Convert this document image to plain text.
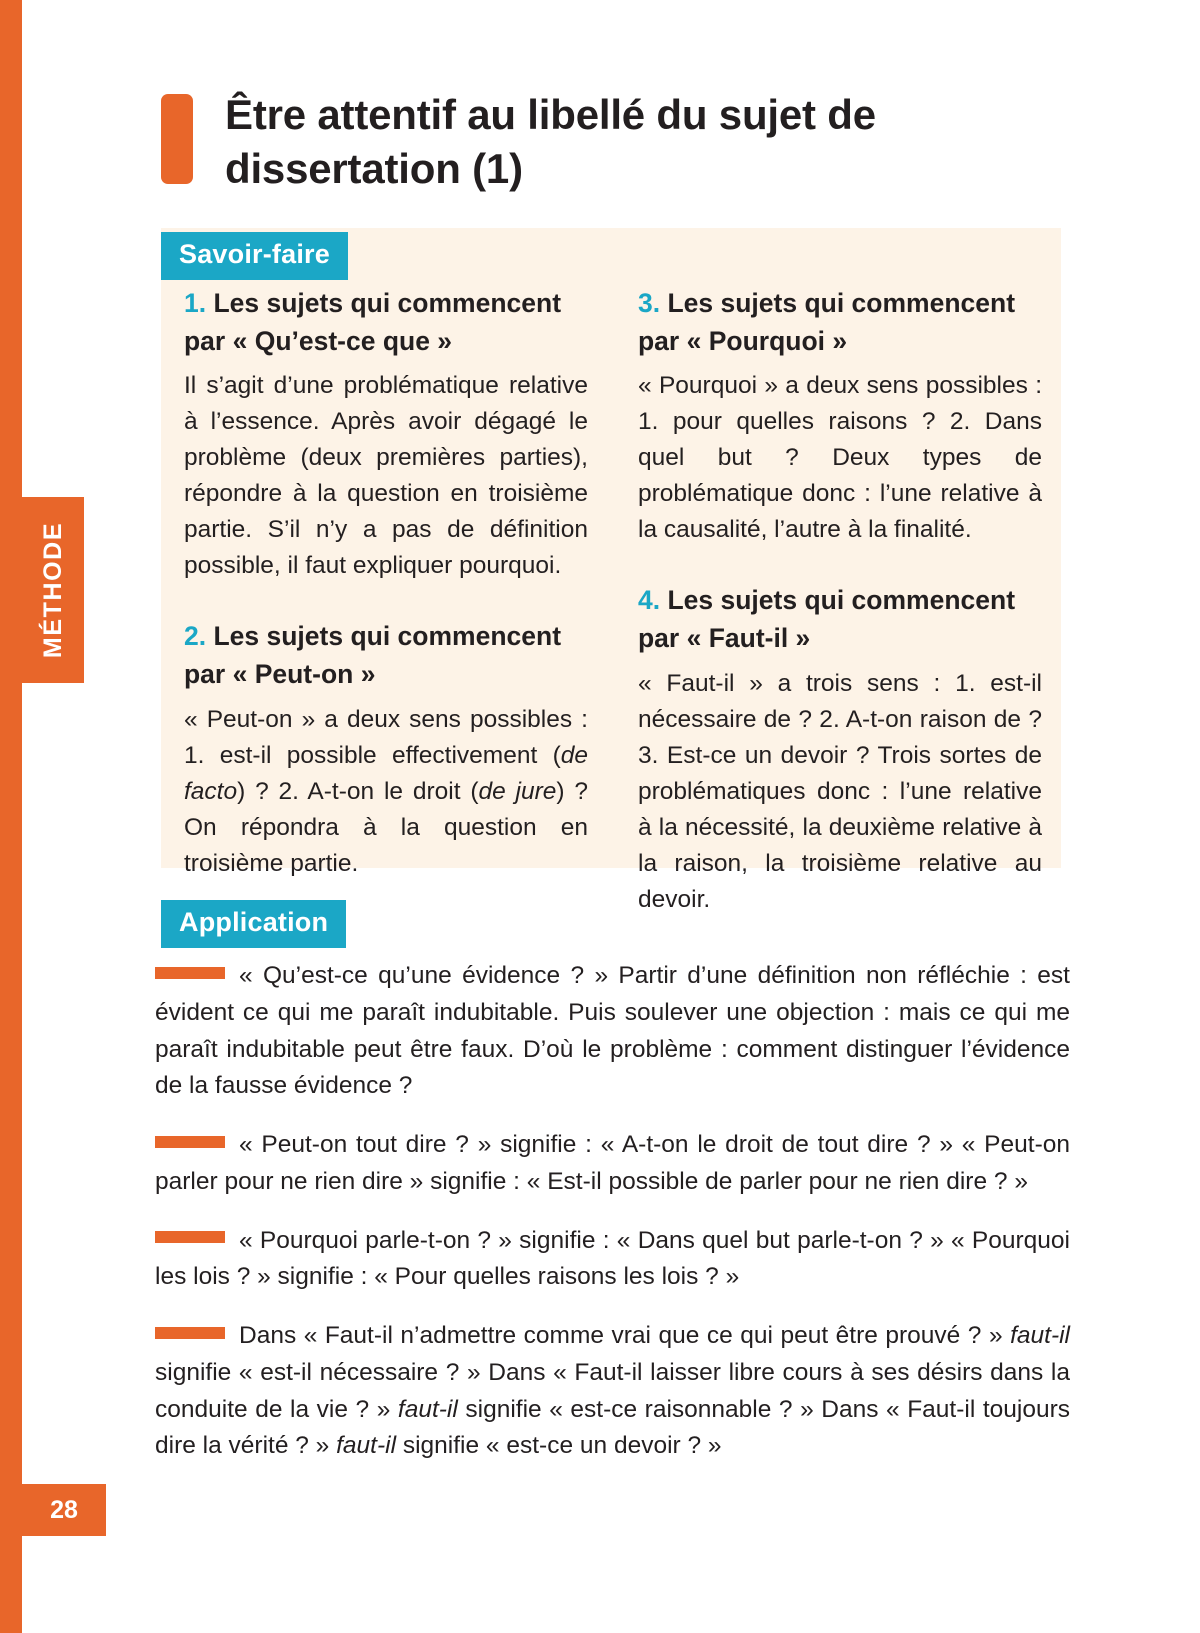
MÉTHODE
28
Être attentif au libellé du sujet de dissertation (1)
Savoir-faire

1. Les sujets qui commencent par « Qu’est-ce que »

Il s’agit d’une problématique relative à l’essence. Après avoir dégagé le problème (deux premières parties), répondre à la question en troisième partie. S’il n’y a pas de définition possible, il faut expliquer pourquoi.

2. Les sujets qui commencent par « Peut-on »

« Peut-on » a deux sens possibles : 1. est-il possible effectivement (de facto) ? 2. A-t-on le droit (de jure) ? On répondra à la question en troisième partie.

3. Les sujets qui commencent par « Pourquoi »

« Pourquoi » a deux sens possibles : 1. pour quelles raisons ? 2. Dans quel but ? Deux types de problématique donc : l’une relative à la causalité, l’autre à la finalité.

4. Les sujets qui commencent par « Faut-il »

« Faut-il » a trois sens : 1. est-il nécessaire de ? 2. A-t-on raison de ? 3. Est-ce un devoir ? Trois sortes de problématiques donc : l’une relative à la nécessité, la deuxième relative à la raison, la troisième relative au devoir.

Application

« Qu’est-ce qu’une évidence ? » Partir d’une définition non réfléchie : est évident ce qui me paraît indubitable. Puis soulever une objection : mais ce qui me paraît indubitable peut être faux. D’où le problème : comment distinguer l’évidence de la fausse évidence ?

« Peut-on tout dire ? » signifie : « A-t-on le droit de tout dire ? » « Peut-on parler pour ne rien dire » signifie : « Est-il possible de parler pour ne rien dire ? »

« Pourquoi parle-t-on ? » signifie : « Dans quel but parle-t-on ? » « Pourquoi les lois ? » signifie : « Pour quelles raisons les lois ? »

Dans « Faut-il n’admettre comme vrai que ce qui peut être prouvé ? » faut-il signifie « est-il nécessaire ? » Dans « Faut-il laisser libre cours à ses désirs dans la conduite de la vie ? » faut-il signifie « est-ce raisonnable ? » Dans « Faut-il toujours dire la vérité ? » faut-il signifie « est-ce un devoir ? »
